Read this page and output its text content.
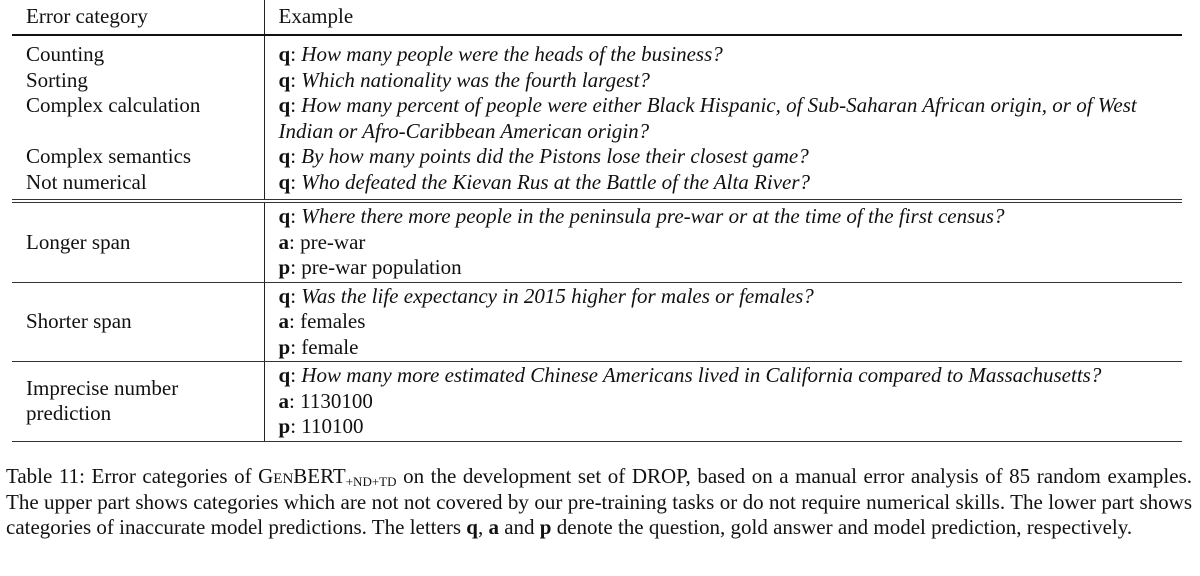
Error category	Example
Counting	q: How many people were the heads of the business?
Sorting	q: Which nationality was the fourth largest?
Complex calculation	q: How many percent of people were either Black Hispanic, of Sub-Saharan African origin, or of West Indian or Afro-Caribbean American origin?
Complex semantics	q: By how many points did the Pistons lose their closest game?
Not numerical	q: Who defeated the Kievan Rus at the Battle of the Alta River?
Longer span	q: Where there more people in the peninsula pre-war or at the time of the first census?
a: pre-war
p: pre-war population

Shorter span	q: Was the life expectancy in 2015 higher for males or females?
a: females
p: female

Imprecise number prediction	q: How many more estimated Chinese Americans lived in California compared to Massachusetts?
a: 1130100
p: 110100
Table 11: Error categories of GenBERT$_{+ND+TD}$ on the development set of DROP, based on a manual error analysis of 85 random examples. The upper part shows categories which are not not covered by our pre-training tasks or do not require numerical skills. The lower part shows categories of inaccurate model predictions. The letters q, a and p denote the question, gold answer and model prediction, respectively.
